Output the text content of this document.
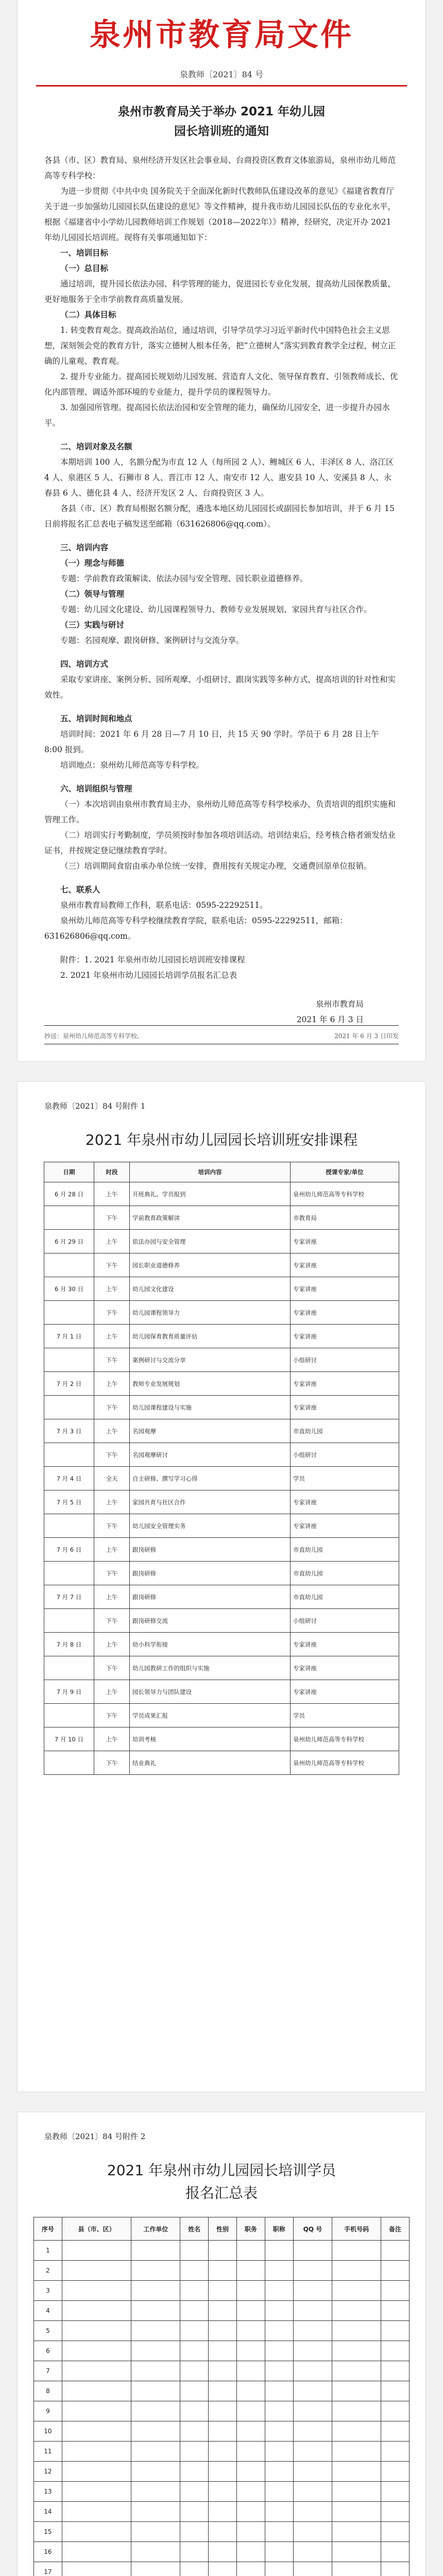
泉州市教育局文件
泉教师〔2021〕84 号
泉州市教育局关于举办 2021 年幼儿园
园长培训班的通知

各县（市、区）教育局、泉州经济开发区社会事业局、台商投资区教育文体旅游局，泉州市幼儿师范高等专科学校：

为进一步贯彻《中共中央 国务院关于全面深化新时代教师队伍建设改革的意见》《福建省教育厅关于进一步加强幼儿园园长队伍建设的意见》等文件精神，提升我市幼儿园园长队伍的专业化水平，根据《福建省中小学幼儿园教师培训工作规划（2018—2022年）》精神，经研究，决定开办 2021 年幼儿园园长培训班。现将有关事项通知如下：

一、培训目标

（一）总目标

通过培训，提升园长依法办园、科学管理的能力，促进园长专业化发展，提高幼儿园保教质量，更好地服务于全市学前教育高质量发展。

（二）具体目标

1. 转变教育观念。提高政治站位，通过培训，引导学员学习习近平新时代中国特色社会主义思想，深刻领会党的教育方针，落实立德树人根本任务，把“立德树人”落实到教育教学全过程，树立正确的儿童观、教育观。

2. 提升专业能力。提高园长规划幼儿园发展、营造育人文化、领导保育教育、引领教师成长、优化内部管理、调适外部环境的专业能力，提升学员的课程领导力。

3. 加强园所管理。提高园长依法治园和安全管理的能力，确保幼儿园安全，进一步提升办园水平。

二、培训对象及名额

本期培训 100 人，名额分配为市直 12 人（每所园 2 人）、鲤城区 6 人、丰泽区 8 人、洛江区 4 人、泉港区 5 人、石狮市 8 人、晋江市 12 人、南安市 12 人、惠安县 10 人、安溪县 8 人、永春县 6 人、德化县 4 人、经济开发区 2 人、台商投资区 3 人。

各县（市、区）教育局根据名额分配，遴选本地区幼儿园园长或副园长参加培训，并于 6 月 15 日前将报名汇总表电子稿发送至邮箱（631626806@qq.com）。

三、培训内容

（一）理念与师德

专题：学前教育政策解读、依法办园与安全管理、园长职业道德修养。

（二）领导与管理

专题：幼儿园文化建设、幼儿园课程领导力、教师专业发展规划、家园共育与社区合作。

（三）实践与研讨

专题：名园观摩、跟岗研修、案例研讨与交流分享。

四、培训方式

采取专家讲座、案例分析、园所观摩、小组研讨、跟岗实践等多种方式，提高培训的针对性和实效性。

五、培训时间和地点

培训时间：2021 年 6 月 28 日—7 月 10 日，共 15 天 90 学时。学员于 6 月 28 日上午 8:00 报到。

培训地点：泉州幼儿师范高等专科学校。

六、培训组织与管理

（一）本次培训由泉州市教育局主办，泉州幼儿师范高等专科学校承办，负责培训的组织实施和管理工作。

（二）培训实行考勤制度，学员须按时参加各项培训活动。培训结束后，经考核合格者颁发结业证书，并按规定登记继续教育学时。

（三）培训期间食宿由承办单位统一安排，费用按有关规定办理，交通费回原单位报销。

七、联系人

泉州市教育局教师工作科，联系电话：0595-22292511。

泉州幼儿师范高等专科学校继续教育学院，联系电话：0595-22292511，邮箱：631626806@qq.com。

附件：1. 2021 年泉州市幼儿园园长培训班安排课程

2. 2021 年泉州市幼儿园园长培训学员报名汇总表

泉州市教育局
2021 年 6 月 3 日
抄送：泉州幼儿师范高等专科学校。	2021 年 6 月 3 日印发
泉教师〔2021〕84 号附件 1
2021 年泉州市幼儿园园长培训班安排课程
日期	时段	培训内容	授课专家/单位
6 月 28 日	上午	开班典礼、学员报到	泉州幼儿师范高等专科学校
	下午	学前教育政策解读	市教育局
6 月 29 日	上午	依法办园与安全管理	专家讲座
	下午	园长职业道德修养	专家讲座
6 月 30 日	上午	幼儿园文化建设	专家讲座
	下午	幼儿园课程领导力	专家讲座
7 月 1 日	上午	幼儿园保育教育质量评估	专家讲座
	下午	案例研讨与交流分享	小组研讨
7 月 2 日	上午	教师专业发展规划	专家讲座
	下午	幼儿园课程建设与实施	专家讲座
7 月 3 日	上午	名园观摩	市直幼儿园
	下午	名园观摩研讨	小组研讨
7 月 4 日	全天	自主研修、撰写学习心得	学员
7 月 5 日	上午	家园共育与社区合作	专家讲座
	下午	幼儿园安全管理实务	专家讲座
7 月 6 日	上午	跟岗研修	市直幼儿园
	下午	跟岗研修	市直幼儿园
7 月 7 日	上午	跟岗研修	市直幼儿园
	下午	跟岗研修交流	小组研讨
7 月 8 日	上午	幼小科学衔接	专家讲座
	下午	幼儿园教研工作的组织与实施	专家讲座
7 月 9 日	上午	园长领导力与团队建设	专家讲座
	下午	学员成果汇报	学员
7 月 10 日	上午	培训考核	泉州幼儿师范高等专科学校
	下午	结业典礼	泉州幼儿师范高等专科学校
泉教师〔2021〕84 号附件 2
2021 年泉州市幼儿园园长培训学员
报名汇总表
序号	县（市、区）	工作单位	姓名	性别	职务	职称	QQ 号	手机号码	备注
1									
2									
3									
4									
5									
6									
7									
8									
9									
10									
11									
12									
13									
14									
15									
16									
17									
